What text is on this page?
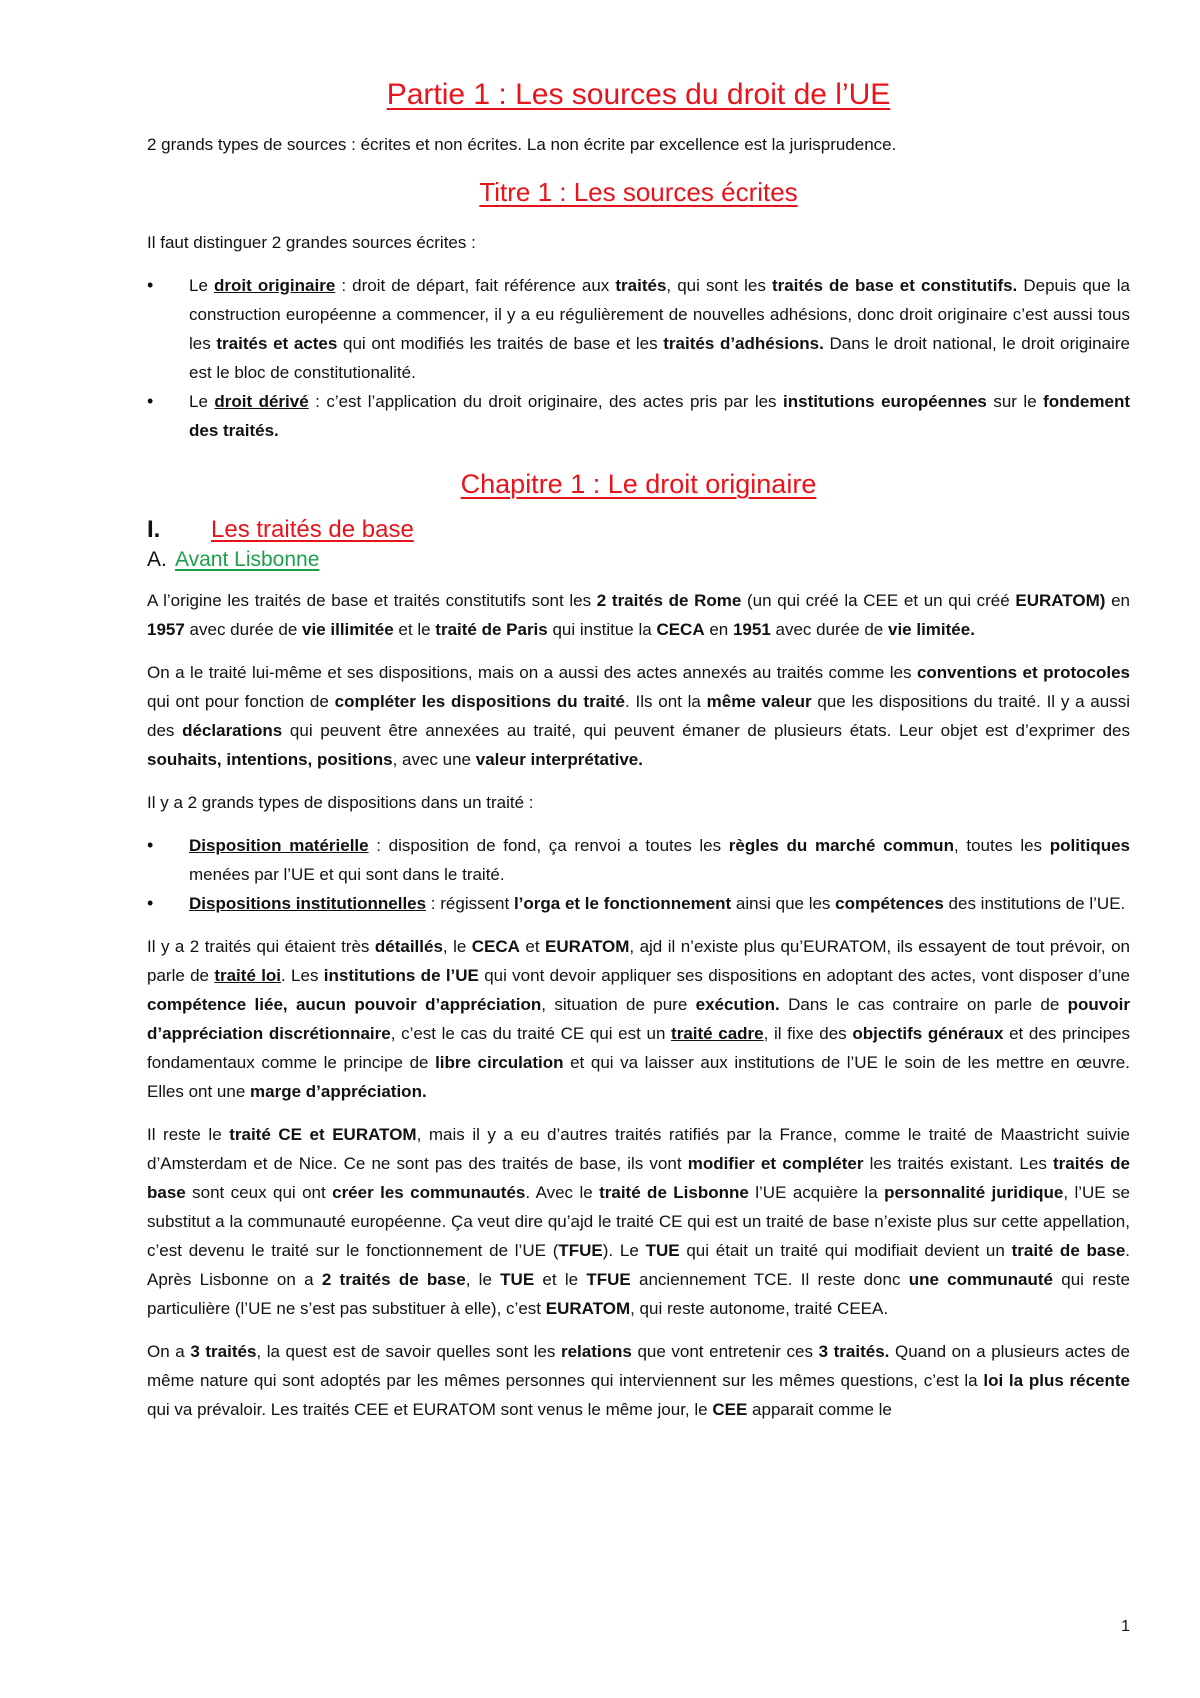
Partie 1 : Les sources du droit de l’UE

2 grands types de sources : écrites et non écrites. La non écrite par excellence est la jurisprudence.

Titre 1 : Les sources écrites

Il faut distinguer 2 grandes sources écrites :

• Le droit originaire : droit de départ, fait référence aux traités, qui sont les traités de base et constitutifs. Depuis que la construction européenne a commencer, il y a eu régulièrement de nouvelles adhésions, donc droit originaire c’est aussi tous les traités et actes qui ont modifiés les traités de base et les traités d’adhésions. Dans le droit national, le droit originaire est le bloc de constitutionalité.
• Le droit dérivé : c’est l’application du droit originaire, des actes pris par les institutions européennes sur le fondement des traités.
Chapitre 1 : Le droit originaire
I.	Les traités de base
A. Avant Lisbonne

A l’origine les traités de base et traités constitutifs sont les 2 traités de Rome (un qui créé la CEE et un qui créé EURATOM) en 1957 avec durée de vie illimitée et le traité de Paris qui institue la CECA en 1951 avec durée de vie limitée.

On a le traité lui-même et ses dispositions, mais on a aussi des actes annexés au traités comme les conventions et protocoles qui ont pour fonction de compléter les dispositions du traité. Ils ont la même valeur que les dispositions du traité. Il y a aussi des déclarations qui peuvent être annexées au traité, qui peuvent émaner de plusieurs états. Leur objet est d’exprimer des souhaits, intentions, positions, avec une valeur interprétative.

Il y a 2 grands types de dispositions dans un traité :

• Disposition matérielle : disposition de fond, ça renvoi a toutes les règles du marché commun, toutes les politiques menées par l’UE et qui sont dans le traité.
• Dispositions institutionnelles : régissent l’orga et le fonctionnement ainsi que les compétences des institutions de l’UE.

Il y a 2 traités qui étaient très détaillés, le CECA et EURATOM, ajd il n’existe plus qu’EURATOM, ils essayent de tout prévoir, on parle de traité loi. Les institutions de l’UE qui vont devoir appliquer ses dispositions en adoptant des actes, vont disposer d’une compétence liée, aucun pouvoir d’appréciation, situation de pure exécution. Dans le cas contraire on parle de pouvoir d’appréciation discrétionnaire, c’est le cas du traité CE qui est un traité cadre, il fixe des objectifs généraux et des principes fondamentaux comme le principe de libre circulation et qui va laisser aux institutions de l’UE le soin de les mettre en œuvre. Elles ont une marge d’appréciation.

Il reste le traité CE et EURATOM, mais il y a eu d’autres traités ratifiés par la France, comme le traité de Maastricht suivie d’Amsterdam et de Nice. Ce ne sont pas des traités de base, ils vont modifier et compléter les traités existant. Les traités de base sont ceux qui ont créer les communautés. Avec le traité de Lisbonne l’UE acquière la personnalité juridique, l’UE se substitut a la communauté européenne. Ça veut dire qu’ajd le traité CE qui est un traité de base n’existe plus sur cette appellation, c’est devenu le traité sur le fonctionnement de l’UE (TFUE). Le TUE qui était un traité qui modifiait devient un traité de base. Après Lisbonne on a 2 traités de base, le TUE et le TFUE anciennement TCE. Il reste donc une communauté qui reste particulière (l’UE ne s’est pas substituer à elle), c’est EURATOM, qui reste autonome, traité CEEA.

On a 3 traités, la quest est de savoir quelles sont les relations que vont entretenir ces 3 traités. Quand on a plusieurs actes de même nature qui sont adoptés par les mêmes personnes qui interviennent sur les mêmes questions, c’est la loi la plus récente qui va prévaloir. Les traités CEE et EURATOM sont venus le même jour, le CEE apparait comme le

1
